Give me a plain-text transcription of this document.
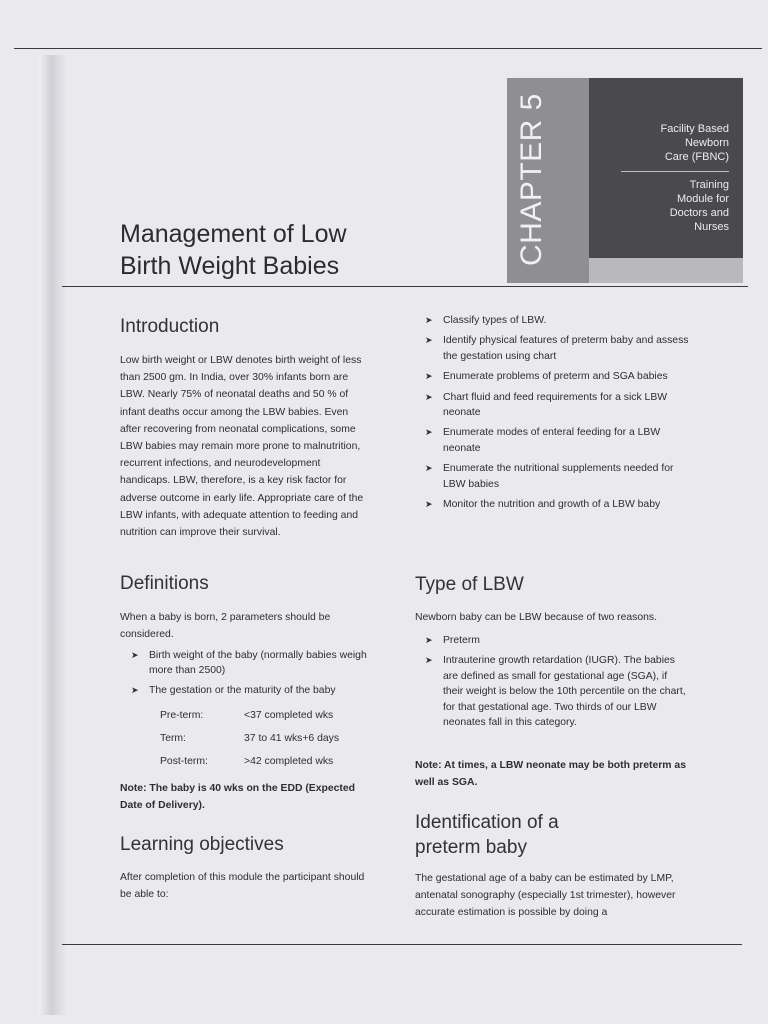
CHAPTER 5	Facility Based
Newborn
Care (FBNC)
Training
Module for
Doctors and
Nurses
Management of Low
Birth Weight Babies
Introduction
Low birth weight or LBW denotes birth weight of less than 2500 gm. In India, over 30% infants born are LBW. Nearly 75% of neonatal deaths and 50 % of infant deaths occur among the LBW babies. Even after recovering from neonatal complications, some LBW babies may remain more prone to malnutrition, recurrent infections, and neurodevelopment handicaps. LBW, therefore, is a key risk factor for adverse outcome in early life. Appropriate care of the LBW infants, with adequate attention to feeding and nutrition can improve their survival.
Definitions
When a baby is born, 2 parameters should be considered.
➤ Birth weight of the baby (normally babies weigh more than 2500)
➤ The gestation or the maturity of the baby
Pre-term:	<37 completed wks
Term:	37 to 41 wks+6 days
Post-term:	>42 completed wks
Note: The baby is 40 wks on the EDD (Expected Date of Delivery).
Learning objectives
After completion of this module the participant should be able to:
➤ Classify types of LBW.
➤ Identify physical features of preterm baby and assess the gestation using chart
➤ Enumerate problems of preterm and SGA babies
➤ Chart fluid and feed requirements for a sick LBW neonate
➤ Enumerate modes of enteral feeding for a LBW neonate
➤ Enumerate the nutritional supplements needed for LBW babies
➤ Monitor the nutrition and growth of a LBW baby
Type of LBW
Newborn baby can be LBW because of two reasons.
➤ Preterm
➤ Intrauterine growth retardation (IUGR). The babies are defined as small for gestational age (SGA), if their weight is below the 10th percentile on the chart, for that gestational age. Two thirds of our LBW neonates fall in this category.
Note: At times, a LBW neonate may be both preterm as well as SGA.
Identification of a
preterm baby
The gestational age of a baby can be estimated by LMP, antenatal sonography (especially 1st trimester), however accurate estimation is possible by doing a
